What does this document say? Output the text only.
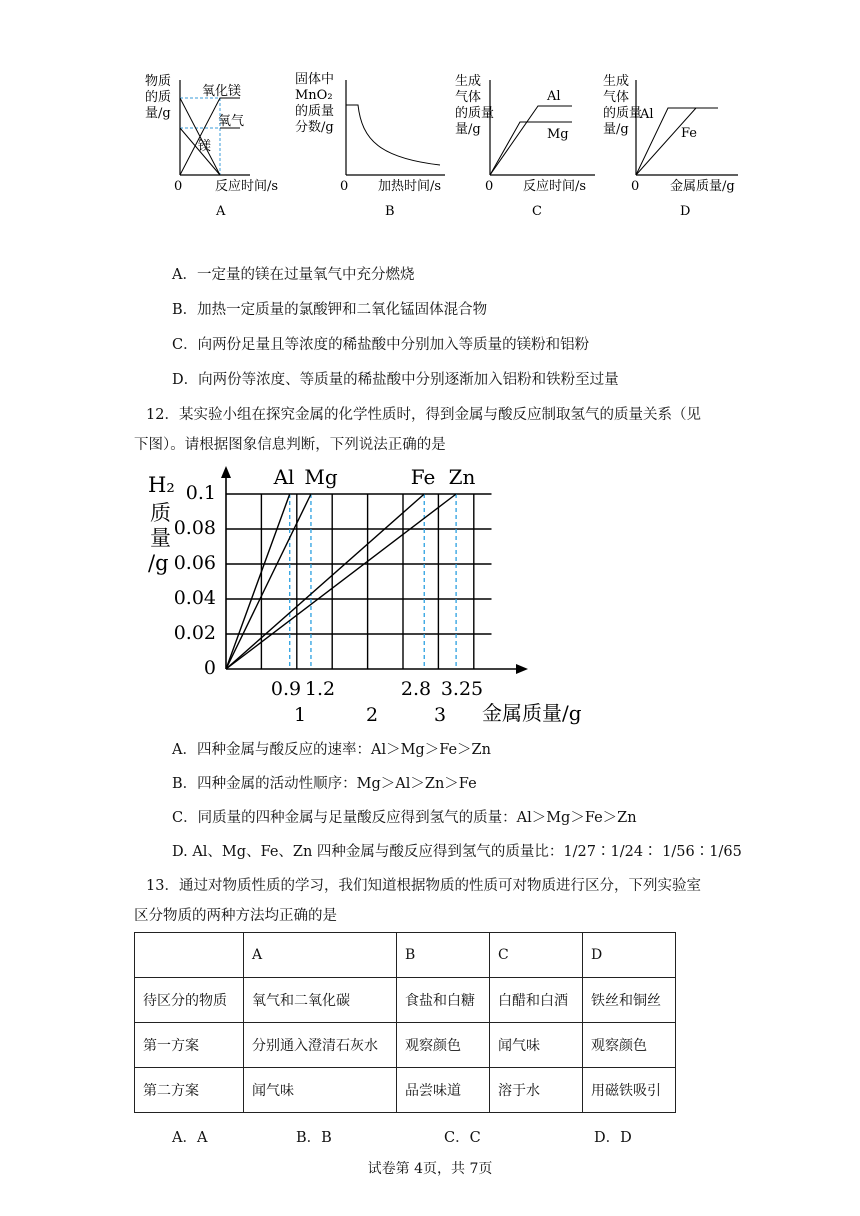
物质
的质
量/g
氧化镁
氧气
镁
0	反应时间/s
A
固体中
MnO₂
的质量
分数/g
0 加热时间/s
B
生成
气体
的质量
量/g
Al
Mg
0 反应时间/s
C
生成
气体
的质量
量/g
Al
Fe
0 金属质量/g
D
A．一定量的镁在过量氧气中充分燃烧
B．加热一定质量的氯酸钾和二氧化锰固体混合物
C．向两份足量且等浓度的稀盐酸中分别加入等质量的镁粉和铝粉
D．向两份等浓度、等质量的稀盐酸中分别逐渐加入铝粉和铁粉至过量
12．某实验小组在探究金属的化学性质时，得到金属与酸反应制取氢气的质量关系（见
下图）。请根据图象信息判断，下列说法正确的是
H₂
质
量
/g
0.1
0.08
0.06
0.04
0.02
0
0.9 1.2	2.8 3.25
1	2	3
Al Mg	Fe Zn
金属质量/g
A．四种金属与酸反应的速率：Al＞Mg＞Fe＞Zn
B．四种金属的活动性顺序：Mg＞Al＞Zn＞Fe
C．同质量的四种金属与足量酸反应得到氢气的质量：Al＞Mg＞Fe＞Zn
D. Al、Mg、Fe、Zn 四种金属与酸反应得到氢气的质量比：1/27∶1/24∶ 1/56∶1/65
13．通过对物质性质的学习，我们知道根据物质的性质可对物质进行区分，下列实验室
区分物质的两种方法均正确的是
	A	B	C	D
待区分的物质	氧气和二氧化碳	食盐和白糖	白醋和白酒	铁丝和铜丝
第一方案	分别通入澄清石灰水	观察颜色	闻气味	观察颜色
第二方案	闻气味	品尝味道	溶于水	用磁铁吸引
A．A	B．B	C．C	D．D
试卷第 4页，共 7页
